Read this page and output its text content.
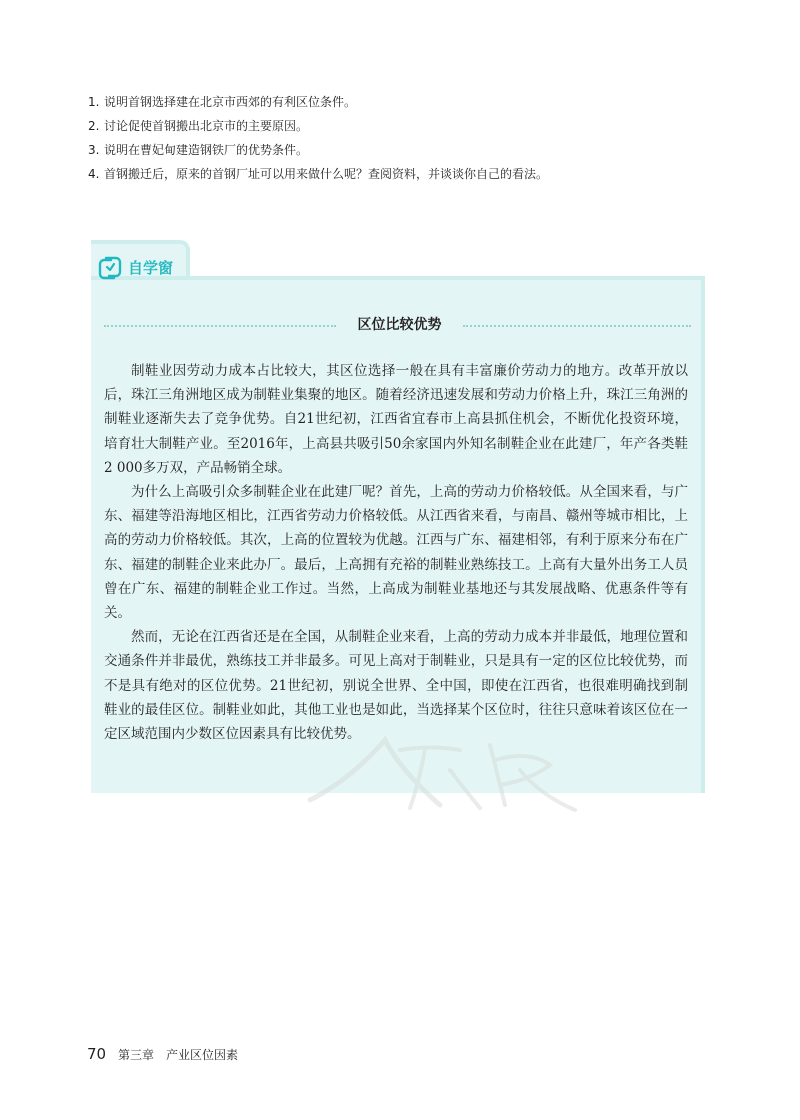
1. 说明首钢选择建在北京市西郊的有利区位条件。
2. 讨论促使首钢搬出北京市的主要原因。
3. 说明在曹妃甸建造钢铁厂的优势条件。
4. 首钢搬迁后，原来的首钢厂址可以用来做什么呢？查阅资料，并谈谈你自己的看法。
自学窗
区位比较优势

制鞋业因劳动力成本占比较大，其区位选择一般在具有丰富廉价劳动力的地方。改革开放以后，珠江三角洲地区成为制鞋业集聚的地区。随着经济迅速发展和劳动力价格上升，珠江三角洲的制鞋业逐渐失去了竞争优势。自21世纪初，江西省宜春市上高县抓住机会，不断优化投资环境，培育壮大制鞋产业。至2016年，上高县共吸引50余家国内外知名制鞋企业在此建厂，年产各类鞋2 000多万双，产品畅销全球。

为什么上高吸引众多制鞋企业在此建厂呢？首先，上高的劳动力价格较低。从全国来看，与广东、福建等沿海地区相比，江西省劳动力价格较低。从江西省来看，与南昌、赣州等城市相比，上高的劳动力价格较低。其次，上高的位置较为优越。江西与广东、福建相邻，有利于原来分布在广东、福建的制鞋企业来此办厂。最后，上高拥有充裕的制鞋业熟练技工。上高有大量外出务工人员曾在广东、福建的制鞋企业工作过。当然，上高成为制鞋业基地还与其发展战略、优惠条件等有关。

然而，无论在江西省还是在全国，从制鞋企业来看，上高的劳动力成本并非最低，地理位置和交通条件并非最优，熟练技工并非最多。可见上高对于制鞋业，只是具有一定的区位比较优势，而不是具有绝对的区位优势。21世纪初，别说全世界、全中国，即使在江西省，也很难明确找到制鞋业的最佳区位。制鞋业如此，其他工业也是如此，当选择某个区位时，往往只意味着该区位在一定区域范围内少数区位因素具有比较优势。

70 第三章　产业区位因素
